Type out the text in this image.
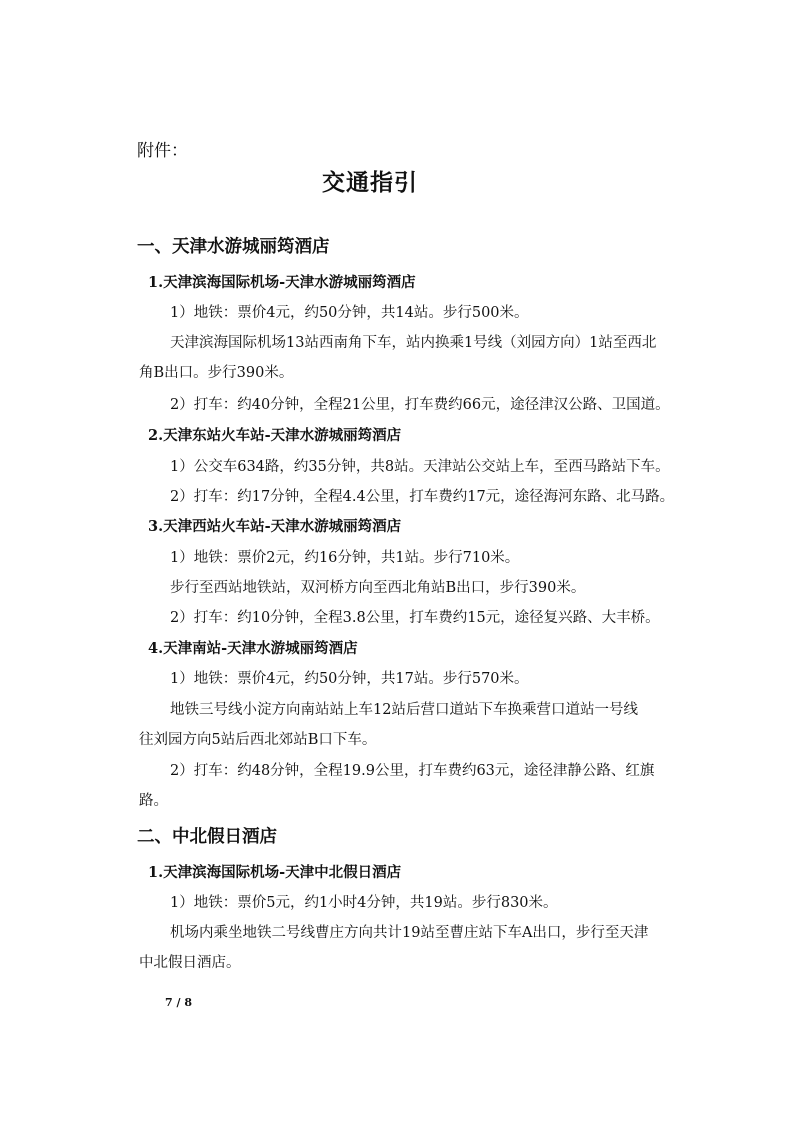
附件：
交通指引
一、天津水游城丽筠酒店
1.天津滨海国际机场-天津水游城丽筠酒店
1）地铁：票价4元，约50分钟，共14站。步行500米。
天津滨海国际机场13站西南角下车，站内换乘1号线（刘园方向）1站至西北
角B出口。步行390米。
2）打车：约40分钟，全程21公里，打车费约66元，途径津汉公路、卫国道。
2.天津东站火车站-天津水游城丽筠酒店
1）公交车634路，约35分钟，共8站。天津站公交站上车，至西马路站下车。
2）打车：约17分钟，全程4.4公里，打车费约17元，途径海河东路、北马路。
3.天津西站火车站-天津水游城丽筠酒店
1）地铁：票价2元，约16分钟，共1站。步行710米。
步行至西站地铁站，双河桥方向至西北角站B出口，步行390米。
2）打车：约10分钟，全程3.8公里，打车费约15元，途径复兴路、大丰桥。
4.天津南站-天津水游城丽筠酒店
1）地铁：票价4元，约50分钟，共17站。步行570米。
地铁三号线小淀方向南站站上车12站后营口道站下车换乘营口道站一号线
往刘园方向5站后西北郊站B口下车。
2）打车：约48分钟，全程19.9公里，打车费约63元，途径津静公路、红旗
路。
二、中北假日酒店
1.天津滨海国际机场-天津中北假日酒店
1）地铁：票价5元，约1小时4分钟，共19站。步行830米。
机场内乘坐地铁二号线曹庄方向共计19站至曹庄站下车A出口，步行至天津
中北假日酒店。
7 / 8
